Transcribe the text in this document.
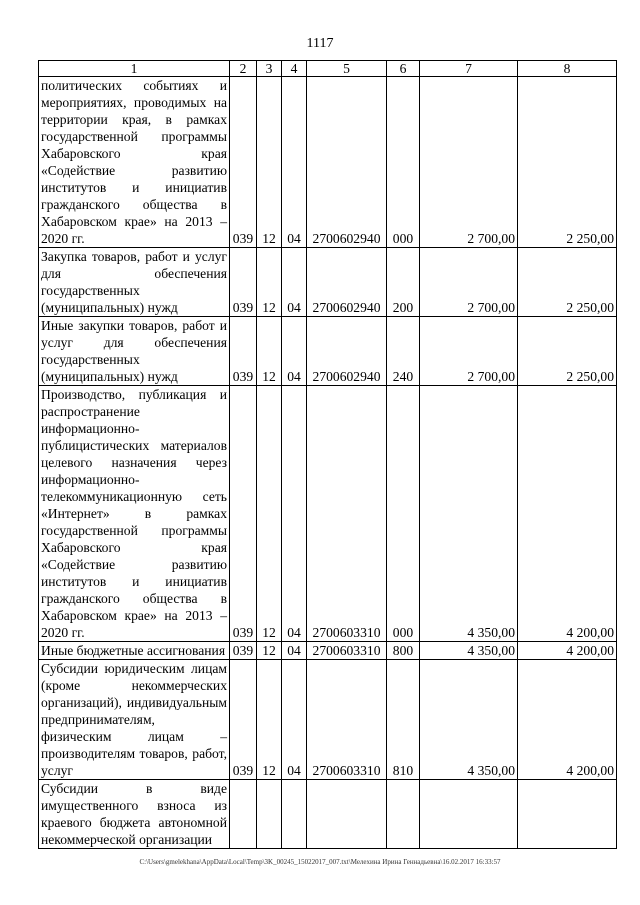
1117
1	2	3	4	5	6	7	8
политических событиях и мероприятиях, проводимых на территории края, в рамках государственной программы Хабаровского края «Содействие развитию институтов и инициатив гражданского общества в Хабаровском крае» на 2013 – 2020 гг.	039	12	04	2700602940	000	2 700,00	2 250,00
Закупка товаров, работ и услуг для обеспечения государственных (муниципальных) нужд	039	12	04	2700602940	200	2 700,00	2 250,00
Иные закупки товаров, работ и услуг для обеспечения государственных (муниципальных) нужд	039	12	04	2700602940	240	2 700,00	2 250,00
Производство, публикация и распространение информационно-публицистических материалов целевого назначения через информационно-телекоммуникационную сеть «Интернет» в рамках государственной программы Хабаровского края «Содействие развитию институтов и инициатив гражданского общества в Хабаровском крае» на 2013 – 2020 гг.	039	12	04	2700603310	000	4 350,00	4 200,00
Иные бюджетные ассигнования	039	12	04	2700603310	800	4 350,00	4 200,00
Субсидии юридическим лицам (кроме некоммерческих организаций), индивидуальным предпринимателям, физическим лицам – производителям товаров, работ, услуг	039	12	04	2700603310	810	4 350,00	4 200,00
Субсидии в виде имущественного взноса из краевого бюджета автономной некоммерческой организации							
C:\Users\gmelekhana\AppData\Local\Temp\3K_00245_15022017_007.txt\Мелехина Ирина Геннадьевна\16.02.2017 16:33:57
